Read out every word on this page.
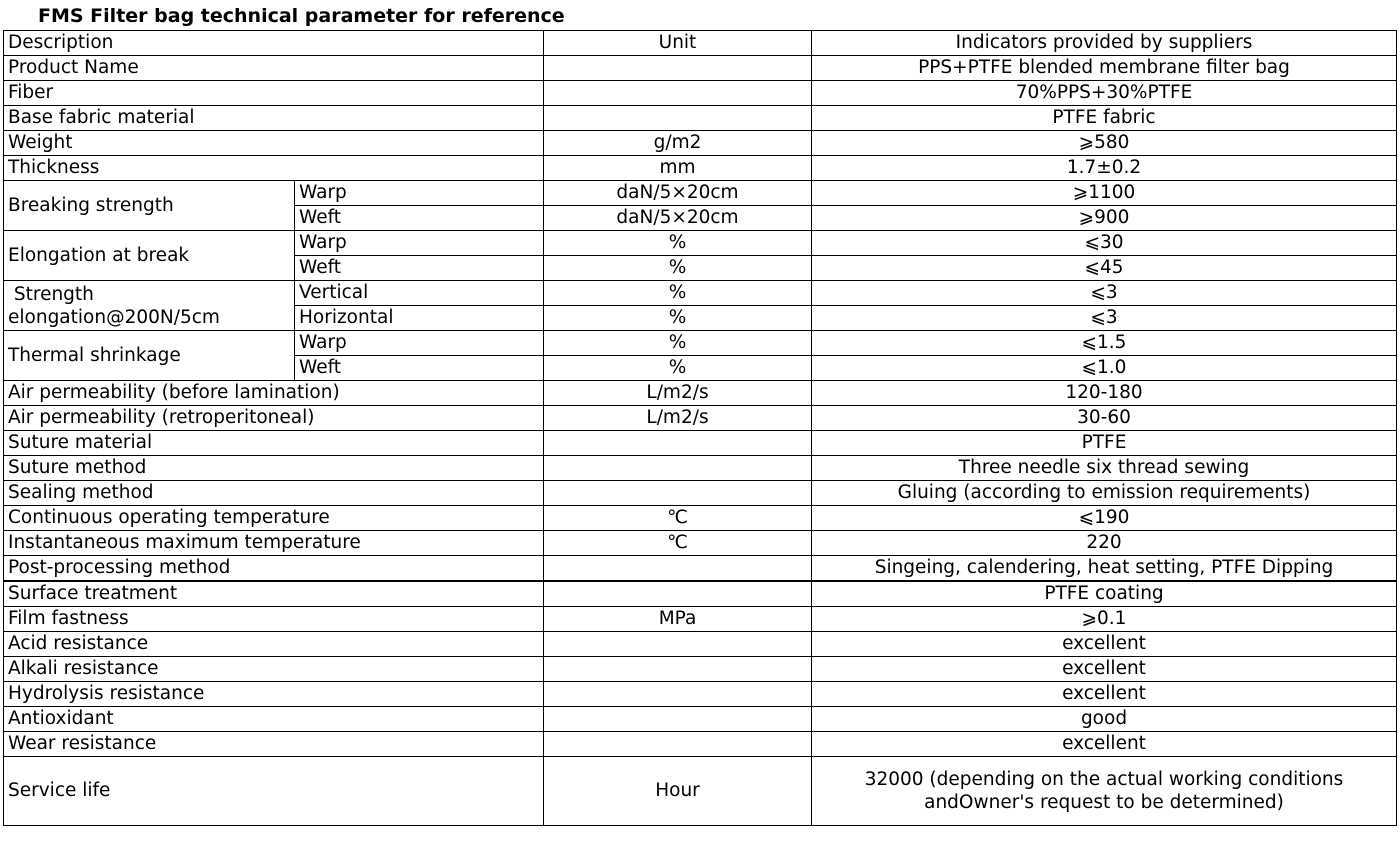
FMS Filter bag technical parameter for reference
Description		Unit	Indicators provided by suppliers
Product Name			PPS+PTFE blended membrane filter bag
Fiber			70%PPS+30%PTFE
Base fabric material			PTFE fabric
Weight		g/m2	⩾580
Thickness		mm	1.7±0.2
Breaking strength	Warp	daN/5×20cm	⩾1100
	Weft	daN/5×20cm	⩾900
Elongation at break	Warp	%	⩽30
	Weft	%	⩽45
Strength
elongation@200N/5cm	Vertical	%	⩽3
	Horizontal	%	⩽3
Thermal shrinkage	Warp	%	⩽1.5
	Weft	%	⩽1.0
Air permeability (before lamination)		L/m2/s	120-180
Air permeability (retroperitoneal)		L/m2/s	30-60
Suture material			PTFE
Suture method			Three needle six thread sewing
Sealing method			Gluing (according to emission requirements)
Continuous operating temperature		℃	⩽190
Instantaneous maximum temperature		℃	220
Post-processing method			Singeing, calendering, heat setting, PTFE Dipping
Surface treatment			PTFE coating
Film fastness		MPa	⩾0.1
Acid resistance			excellent
Alkali resistance			excellent
Hydrolysis resistance			excellent
Antioxidant			good
Wear resistance			excellent
Service life		Hour	32000 (depending on the actual working conditions
andOwner's request to be determined)
